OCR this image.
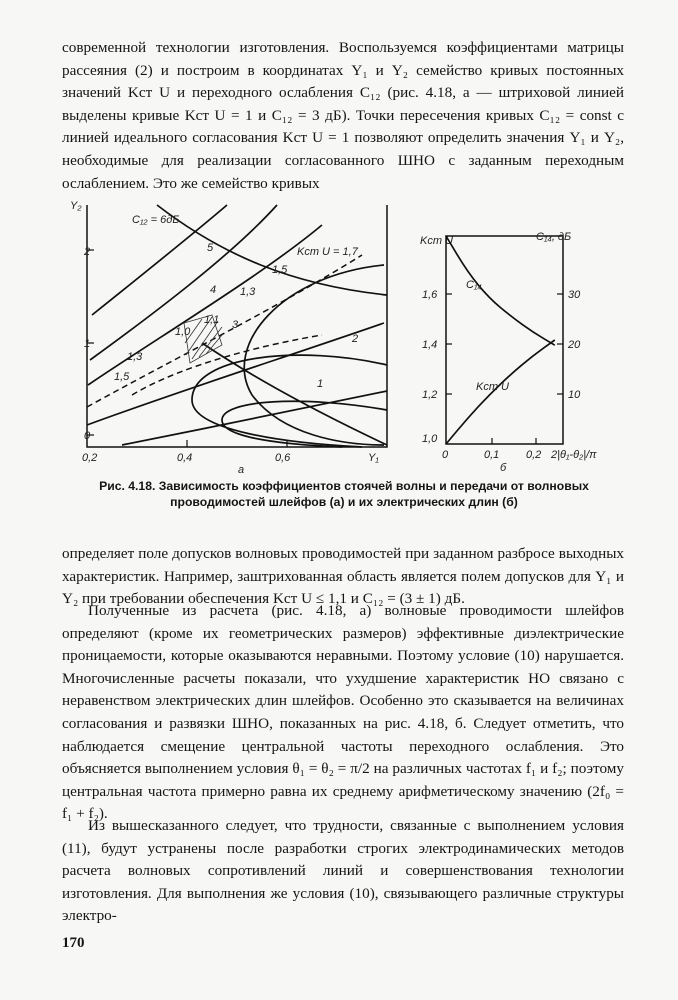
современной технологии изготовления. Воспользуемся коэффициентами матрицы рассеяния (2) и построим в координатах Y₁ и Y₂ семейство кривых постоянных значений Kст U и переходного ослабления C₁₂ (рис. 4.18, а — штриховой линией выделены кривые Kст U = 1 и C₁₂ = 3 дБ). Точки пересечения кривых C₁₂ = const с линией идеального согласования Kст U = 1 позволяют определить значения Y₁ и Y₂, необходимые для реализации согласованного ШНО с заданным переходным ослаблением. Это же семейство кривых

Y₂
2
1
0
0,2	0,4	0,6	Y₁
а
C₁₂ = 6дБ
5
4
3
2
1
Kст U = 1,7
1,5
1,3
1,1
1,0
1,3
1,5
Kст U	C₁₄, дБ
1,6
1,4
1,2
1,0
30
20
10
0	0,1 0,2 2|θ₁-θ₂|/π
б
C₁₄
Kст U
Рис. 4.18. Зависимость коэффициентов стоячей волны и передачи от волновых проводимостей шлейфов (а) и их электрических длин (б)

определяет поле допусков волновых проводимостей при заданном разбросе выходных характеристик. Например, заштрихованная область является полем допусков для Y₁ и Y₂ при требовании обеспечения Kст U ≤ 1,1 и C₁₂ = (3 ± 1) дБ.

Полученные из расчета (рис. 4.18, а) волновые проводимости шлейфов определяют (кроме их геометрических размеров) эффективные диэлектрические проницаемости, которые оказываются неравными. Поэтому условие (10) нарушается. Многочисленные расчеты показали, что ухудшение характеристик НО связано с неравенством электрических длин шлейфов. Особенно это сказывается на величинах согласования и развязки ШНО, показанных на рис. 4.18, б. Следует отметить, что наблюдается смещение центральной частоты переходного ослабления. Это объясняется выполнением условия θ₁ = θ₂ = π/2 на различных частотах f₁ и f₂; поэтому центральная частота примерно равна их среднему арифметическому значению (2f₀ = f₁ + f₂).

Из вышесказанного следует, что трудности, связанные с выполнением условия (11), будут устранены после разработки строгих электродинамических методов расчета волновых сопротивлений линий и совершенствования технологии изготовления. Для выполнения же условия (10), связывающего различные структуры электро-

170
